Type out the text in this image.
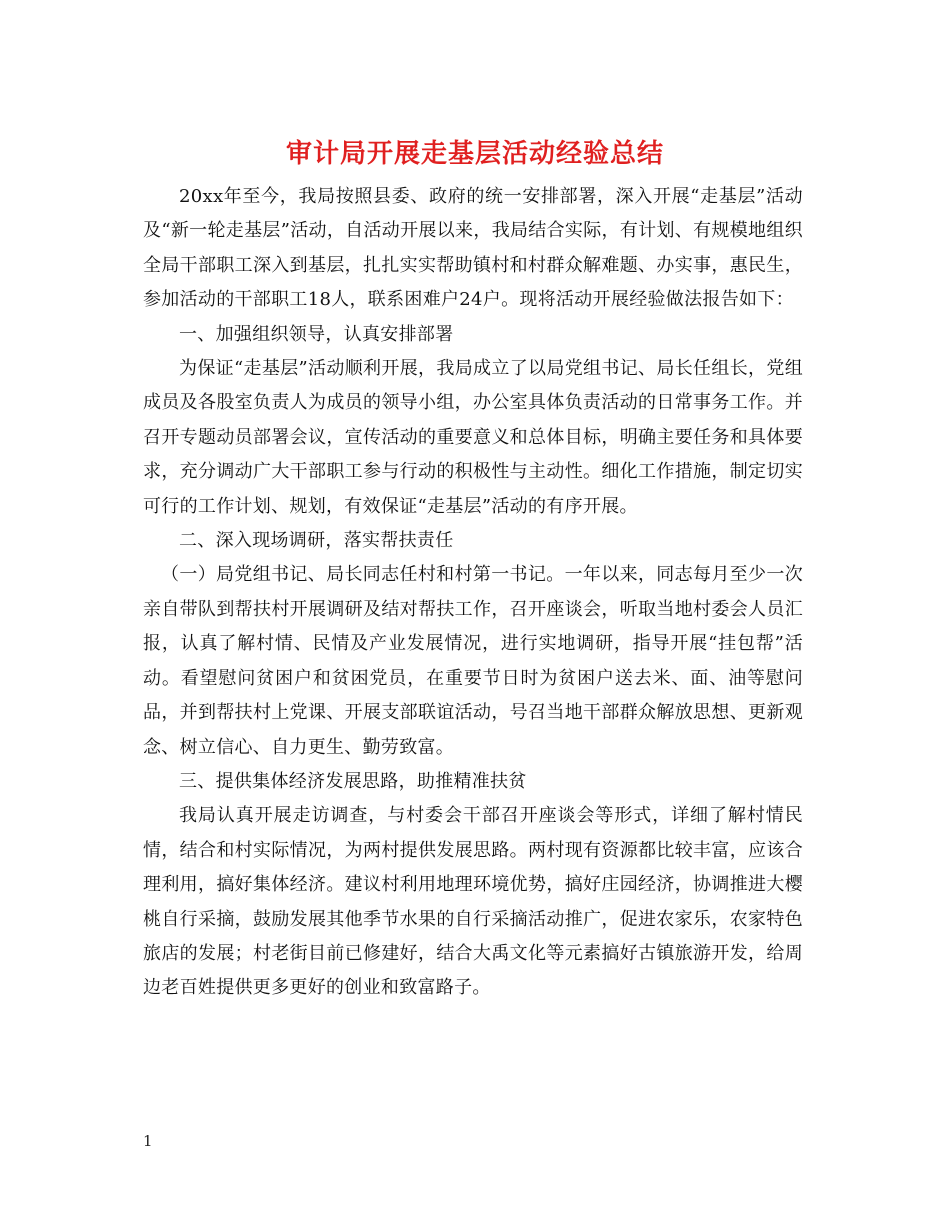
审计局开展走基层活动经验总结

20xx年至今，我局按照县委、政府的统一安排部署，深入开展“走基层”活动及“新一轮走基层”活动，自活动开展以来，我局结合实际，有计划、有规模地组织全局干部职工深入到基层，扎扎实实帮助镇村和村群众解难题、办实事，惠民生，参加活动的干部职工18人，联系困难户24户。现将活动开展经验做法报告如下：

一、加强组织领导，认真安排部署

为保证“走基层”活动顺利开展，我局成立了以局党组书记、局长任组长，党组成员及各股室负责人为成员的领导小组，办公室具体负责活动的日常事务工作。并召开专题动员部署会议，宣传活动的重要意义和总体目标，明确主要任务和具体要求，充分调动广大干部职工参与行动的积极性与主动性。细化工作措施，制定切实可行的工作计划、规划，有效保证“走基层”活动的有序开展。

二、深入现场调研，落实帮扶责任

（一）局党组书记、局长同志任村和村第一书记。一年以来，同志每月至少一次亲自带队到帮扶村开展调研及结对帮扶工作，召开座谈会，听取当地村委会人员汇报，认真了解村情、民情及产业发展情况，进行实地调研，指导开展“挂包帮”活动。看望慰问贫困户和贫困党员，在重要节日时为贫困户送去米、面、油等慰问品，并到帮扶村上党课、开展支部联谊活动，号召当地干部群众解放思想、更新观念、树立信心、自力更生、勤劳致富。

三、提供集体经济发展思路，助推精准扶贫

我局认真开展走访调查，与村委会干部召开座谈会等形式，详细了解村情民情，结合和村实际情况，为两村提供发展思路。两村现有资源都比较丰富，应该合理利用，搞好集体经济。建议村利用地理环境优势，搞好庄园经济，协调推进大樱桃自行采摘，鼓励发展其他季节水果的自行采摘活动推广，促进农家乐，农家特色旅店的发展；村老街目前已修建好，结合大禹文化等元素搞好古镇旅游开发，给周边老百姓提供更多更好的创业和致富路子。

1
